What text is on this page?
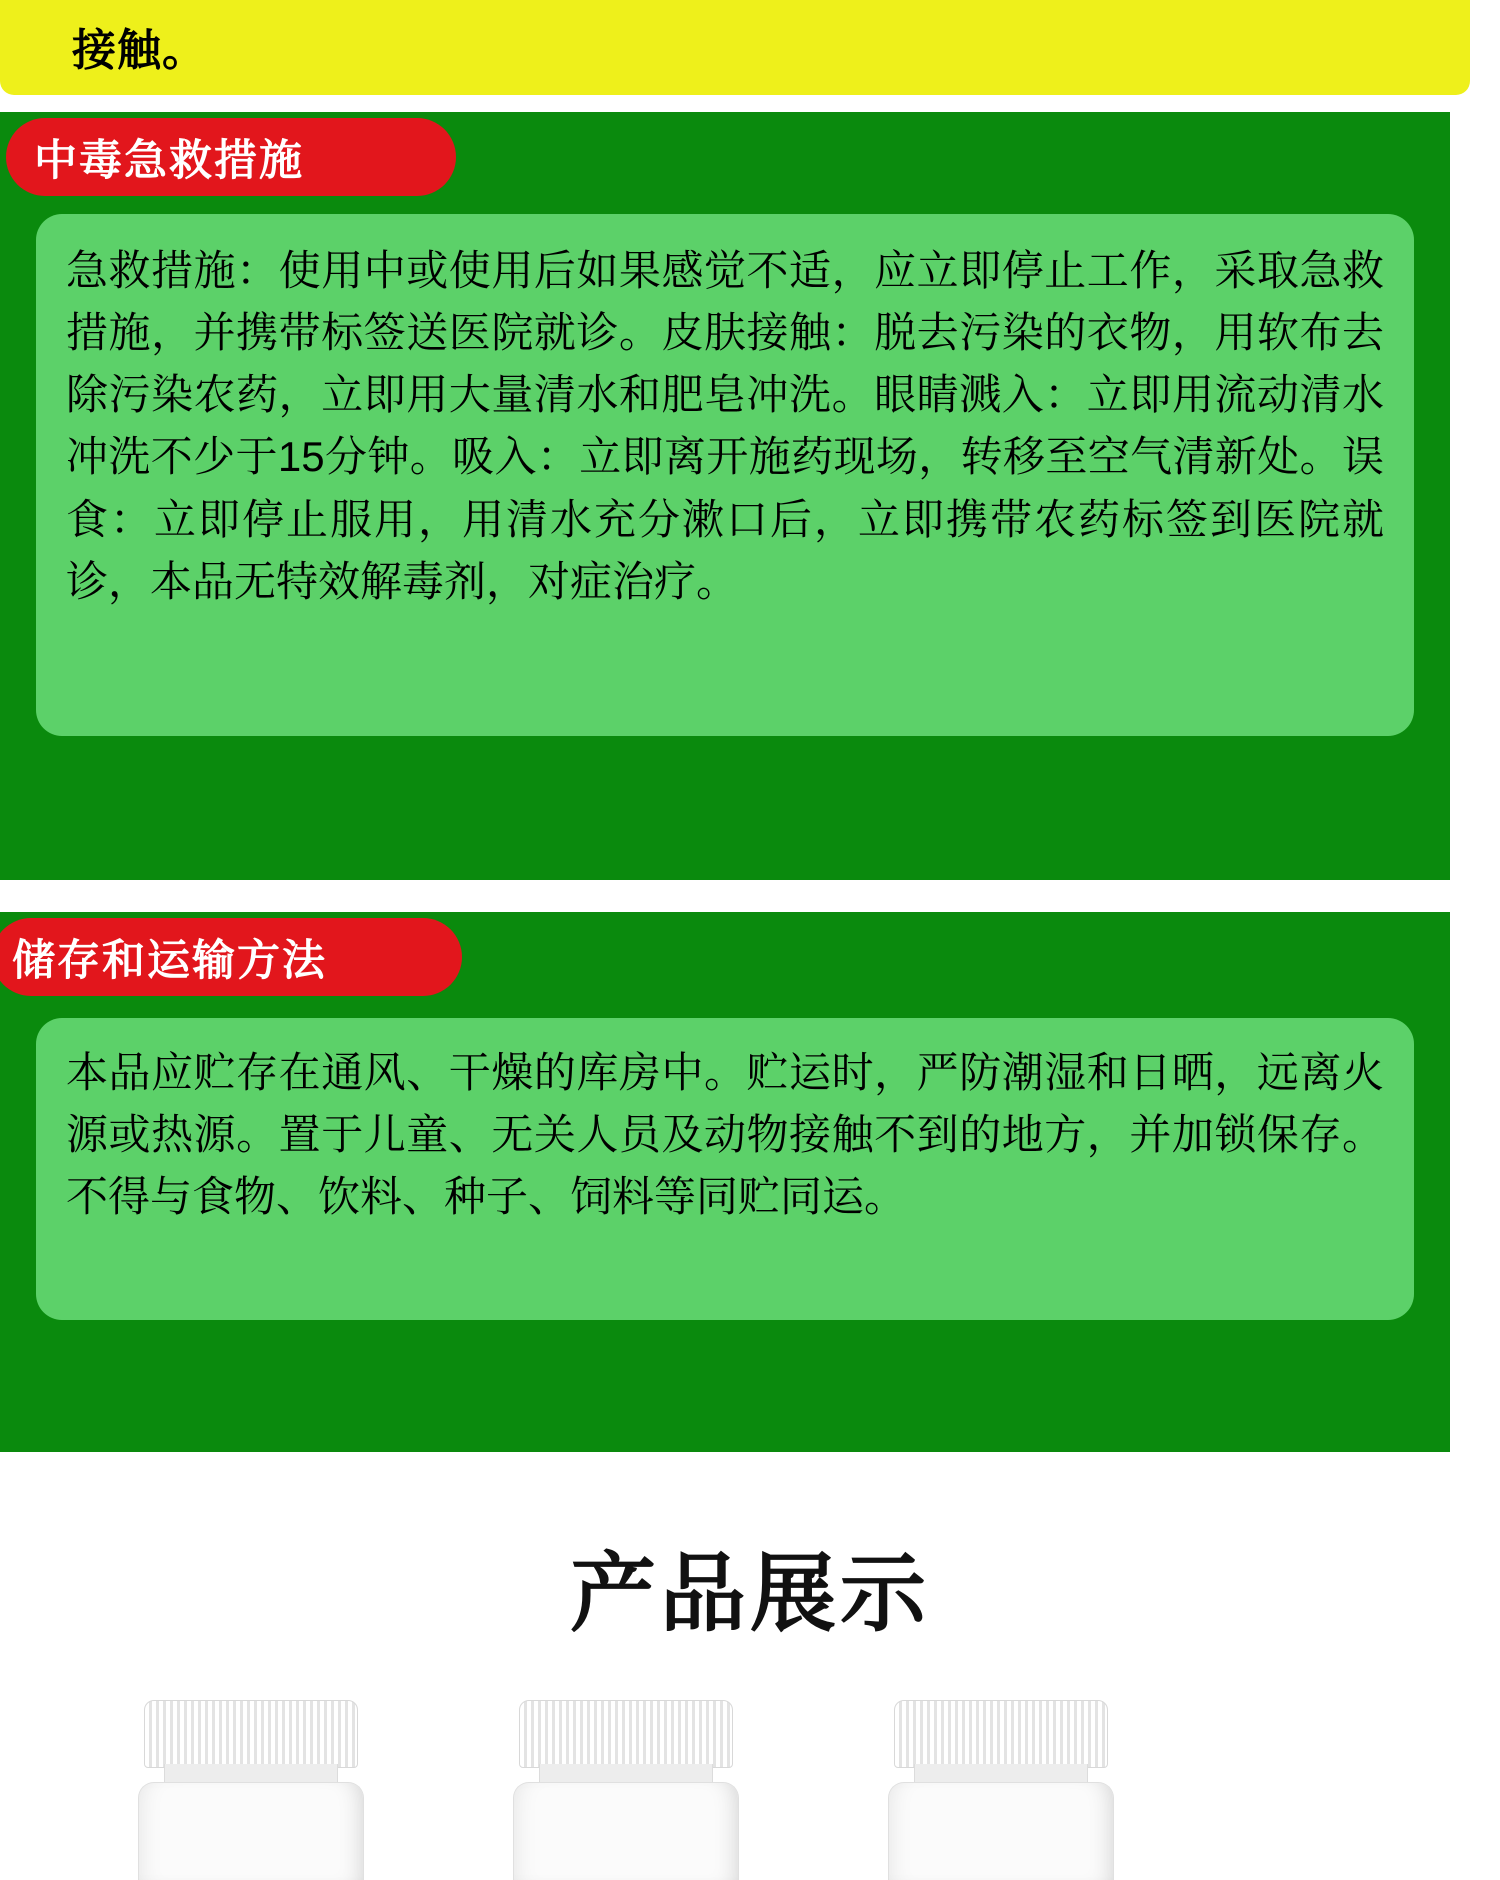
接触。
中毒急救措施
急救措施：使用中或使用后如果感觉不适，应立即停止工作，采取急救措施，并携带标签送医院就诊。皮肤接触：脱去污染的衣物，用软布去除污染农药，立即用大量清水和肥皂冲洗。眼睛溅入：立即用流动清水冲洗不少于15分钟。吸入：立即离开施药现场，转移至空气清新处。误食：立即停止服用，用清水充分漱口后，立即携带农药标签到医院就诊，本品无特效解毒剂，对症治疗。
储存和运输方法
本品应贮存在通风、干燥的库房中。贮运时，严防潮湿和日晒，远离火源或热源。置于儿童、无关人员及动物接触不到的地方，并加锁保存。不得与食物、饮料、种子、饲料等同贮同运。
产品展示
